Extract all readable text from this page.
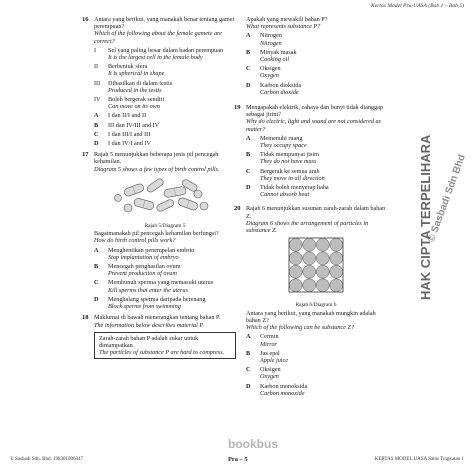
Kertas Model Pra-UASA (Bab 1 – Bab 5)
16 Antara yang berikut, yang manakah benar tentang gamet perempuan?
Which of the following about the female gamete are correct?
I Sel yang paling besar dalam badan perempuan
It is the largest cell in the female body
II Berbentuk sfera
It is spherical in shape
III Dihasilkan di dalam testis
Produced in the testis
IV Boleh bergerak sendiri
Can move on its own
A I dan II/I and II
B III dan IV/III and IV
C I dan III/I and III
D I dan IV/I and IV
17 Rajah 5 menunjukkan beberapa jenis pil pencegah kehamilan.
Diagram 5 shows a few types of birth control pills.
Rajah 5/Diagram 5
Bagaimanakah pil pencegah kehamilan berfungsi?
How do birth control pills work?
A Menghentikan penempelan embrio
Stop implantation of embryo
B Mencegah penghasilan ovum
Prevent production of ovum
C Membunuh sperma yang memasuki uterus
Kill sperms that enter the uterus
D Menghalang sperma daripada berenang
Block sperms from swimming
18 Maklumat di bawah menerangkan tentang bahan P.
The information below describes material P.
Zarah-zarah bahan P adalah sukar untuk dimampatkan.
The particles of substance P are hard to compress.
Apakah yang mewakili bahan P?
What represents substance P?
A Nitrogen
Nitrogen
B Minyak masak
Cooking oil
C Oksigen
Oxygen
D Karbon dioksida
Carbon dioxide
19 Mengapakah elektrik, cahaya dan bunyi tidak dianggap sebagai jirim?
Why do electric, light and sound are not considered as matter?
A Memenuhi ruang
They occupy space
B Tidak mempunyai jisim
They do not have mass
C Bergerak ke semua arah
They move in all direction
D Tidak boleh menyerap haba
Cannot absorb heat
20 Rajah 6 menunjukkan susunan zarah-zarah dalam bahan Z.
Diagram 6 shows the arrangement of particles in substance Z.
Rajah 6/Diagram 6
Antara yang berikut, yang manakah mungkin adalah bahan Z?
Which of the following can be substance Z?
A Cermin
Mirror
B Jus epal
Apple juice
C Oksigen
Oxygen
D Karbon monoksida
Carbon monoxide
HAK CIPTA TERPELIHARA
© Sasbadi Sdn Bhd
bookbus
© Sasbadi Sdn. Bhd. 198301006847	Pra – 5	KERTAS MODEL UASA Sains Tingkatan 1
